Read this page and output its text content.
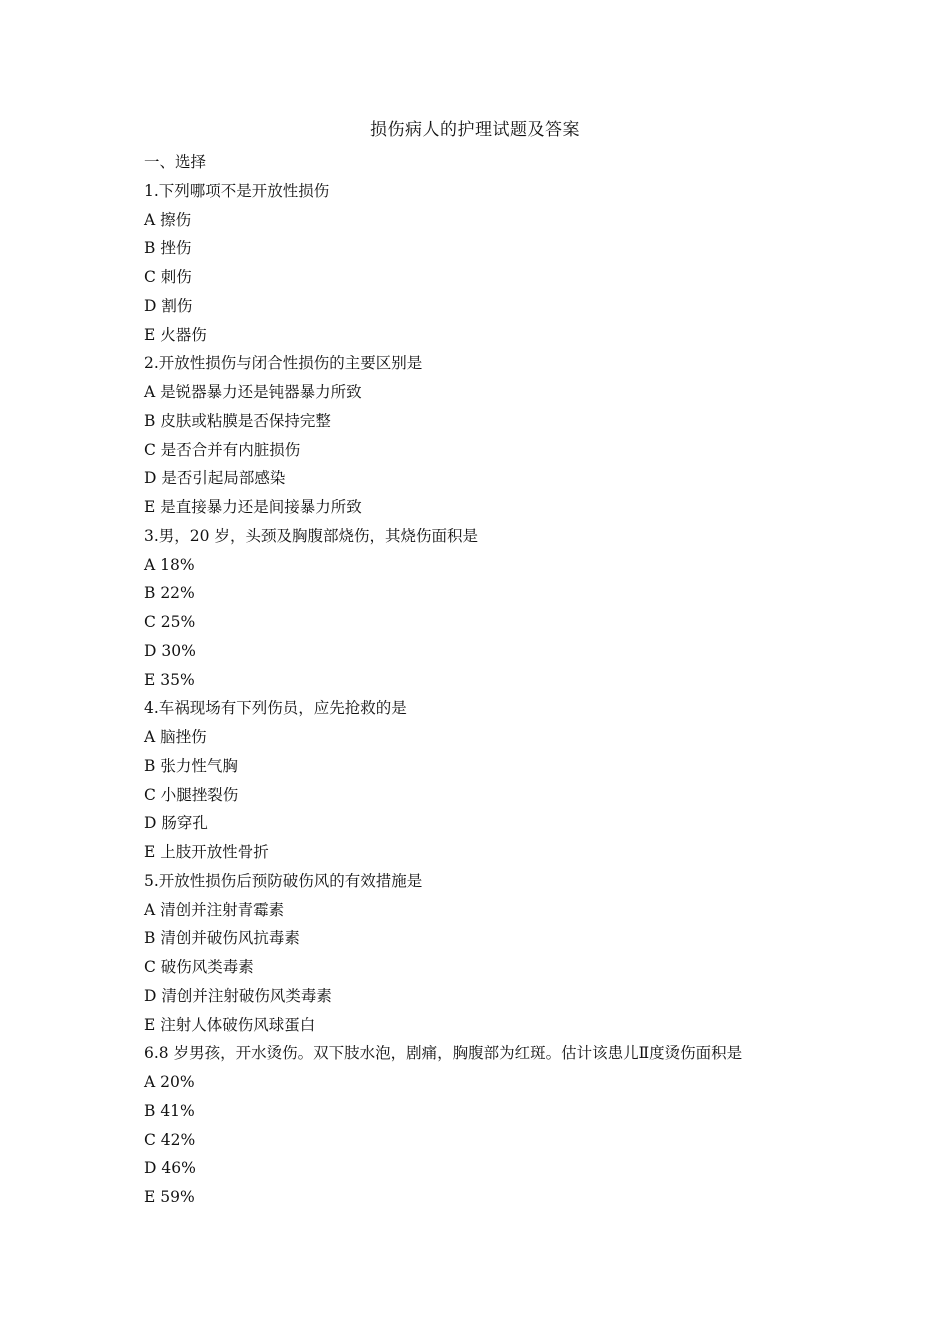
损伤病人的护理试题及答案
一、选择
1.下列哪项不是开放性损伤
A 擦伤
B 挫伤
C 刺伤
D 割伤
E 火器伤
2.开放性损伤与闭合性损伤的主要区别是
A 是锐器暴力还是钝器暴力所致
B 皮肤或粘膜是否保持完整
C 是否合并有内脏损伤
D 是否引起局部感染
E 是直接暴力还是间接暴力所致
3.男，20 岁，头颈及胸腹部烧伤，其烧伤面积是
A 18%
B 22%
C 25%
D 30%
E 35%
4.车祸现场有下列伤员，应先抢救的是
A 脑挫伤
B 张力性气胸
C 小腿挫裂伤
D 肠穿孔
E 上肢开放性骨折
5.开放性损伤后预防破伤风的有效措施是
A 清创并注射青霉素
B 清创并破伤风抗毒素
C 破伤风类毒素
D 清创并注射破伤风类毒素
E 注射人体破伤风球蛋白
6.8 岁男孩，开水烫伤。双下肢水泡，剧痛，胸腹部为红斑。估计该患儿Ⅱ度烫伤面积是
A 20%
B 41%
C 42%
D 46%
E 59%
